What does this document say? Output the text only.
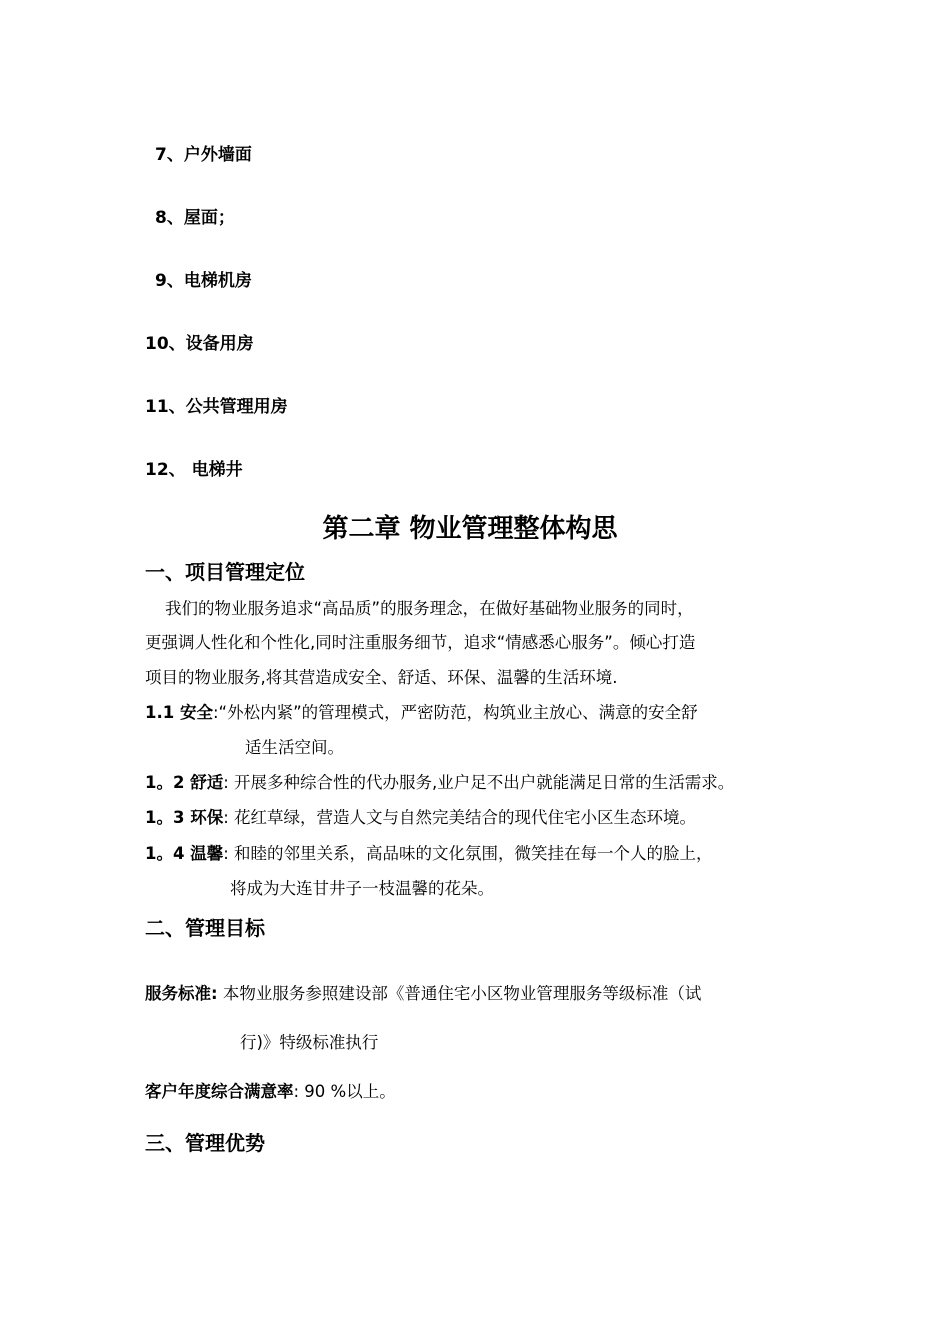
7、户外墙面
8、屋面；
9、电梯机房
10、设备用房
11、公共管理用房
12、 电梯井
第二章 物业管理整体构思
一、项目管理定位
我们的物业服务追求“高品质”的服务理念，在做好基础物业服务的同时，
更强调人性化和个性化,同时注重服务细节，追求“情感悉心服务”。倾心打造
项目的物业服务,将其营造成安全、舒适、环保、温馨的生活环境.
1.1 安全:“外松内紧”的管理模式，严密防范，构筑业主放心、满意的安全舒
适生活空间。
1。2 舒适: 开展多种综合性的代办服务,业户足不出户就能满足日常的生活需求。
1。3 环保: 花红草绿，营造人文与自然完美结合的现代住宅小区生态环境。
1。4 温馨: 和睦的邻里关系，高品味的文化氛围，微笑挂在每一个人的脸上，
将成为大连甘井子一枝温馨的花朵。
二、管理目标
服务标准: 本物业服务参照建设部《普通住宅小区物业管理服务等级标准（试
行)》特级标准执行
客户年度综合满意率: 90 %以上。
三、管理优势
